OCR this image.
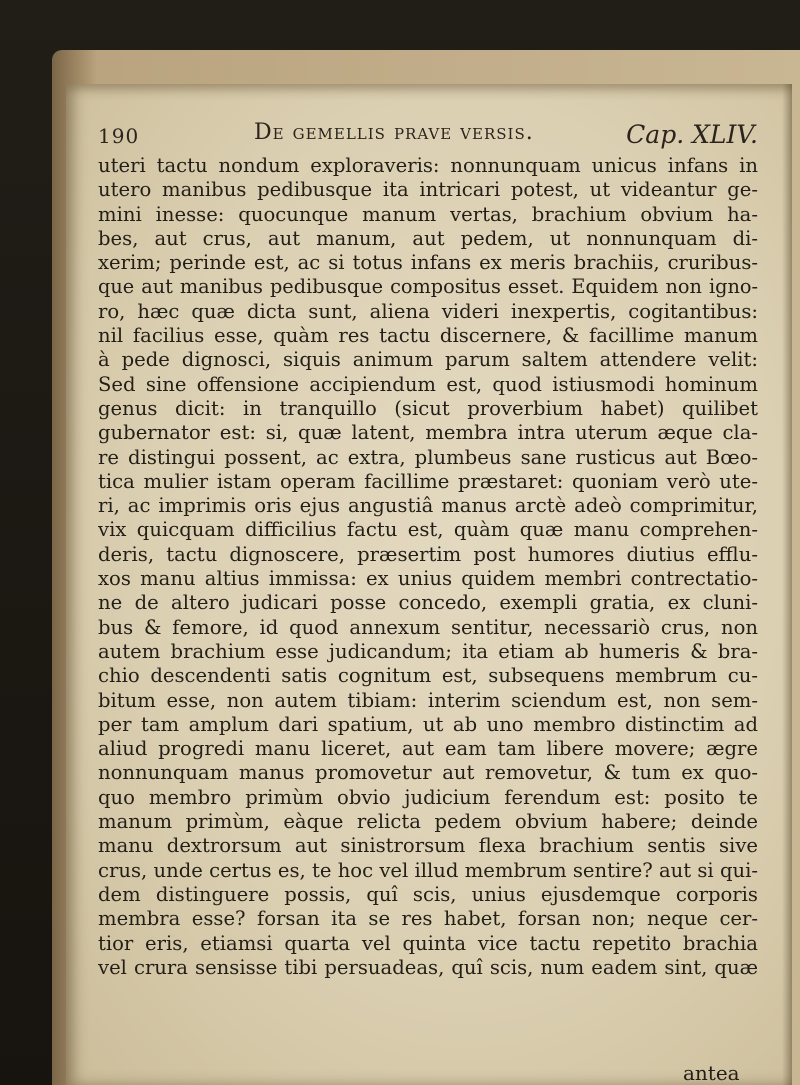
190	De gemellis prave versis.	Cap. XLIV.
uteri tactu nondum exploraveris: nonnunquam unicus infans in
utero manibus pedibusque ita intricari potest, ut videantur ge-
mini inesse: quocunque manum vertas, brachium obvium ha-
bes, aut crus, aut manum, aut pedem, ut nonnunquam di-
xerim; perinde est, ac si totus infans ex meris brachiis, cruribus-
que aut manibus pedibusque compositus esset. Equidem non igno-
ro, hæc quæ dicta sunt, aliena videri inexpertis, cogitantibus:
nil facilius esse, quàm res tactu discernere, & facillime manum
à pede dignosci, siquis animum parum saltem attendere velit:
Sed sine offensione accipiendum est, quod istiusmodi hominum
genus dicit: in tranquillo (sicut proverbium habet) quilibet
gubernator est: si, quæ latent, membra intra uterum æque cla-
re distingui possent, ac extra, plumbeus sane rusticus aut Bœo-
tica mulier istam operam facillime præstaret: quoniam verò ute-
ri, ac imprimis oris ejus angustiâ manus arctè adeò comprimitur,
vix quicquam difficilius factu est, quàm quæ manu comprehen-
deris, tactu dignoscere, præsertim post humores diutius efflu-
xos manu altius immissa: ex unius quidem membri contrectatio-
ne de altero judicari posse concedo, exempli gratia, ex cluni-
bus & femore, id quod annexum sentitur, necessariò crus, non
autem brachium esse judicandum; ita etiam ab humeris & bra-
chio descendenti satis cognitum est, subsequens membrum cu-
bitum esse, non autem tibiam: interim sciendum est, non sem-
per tam amplum dari spatium, ut ab uno membro distinctim ad
aliud progredi manu liceret, aut eam tam libere movere; ægre
nonnunquam manus promovetur aut removetur, & tum ex quo-
quo membro primùm obvio judicium ferendum est: posito te
manum primùm, eàque relicta pedem obvium habere; deinde
manu dextrorsum aut sinistrorsum flexa brachium sentis sive
crus, unde certus es, te hoc vel illud membrum sentire? aut si qui-
dem distinguere possis, quî scis, unius ejusdemque corporis
membra esse? forsan ita se res habet, forsan non; neque cer-
tior eris, etiamsi quarta vel quinta vice tactu repetito brachia
vel crura sensisse tibi persuadeas, quî scis, num eadem sint, quæ
antea
